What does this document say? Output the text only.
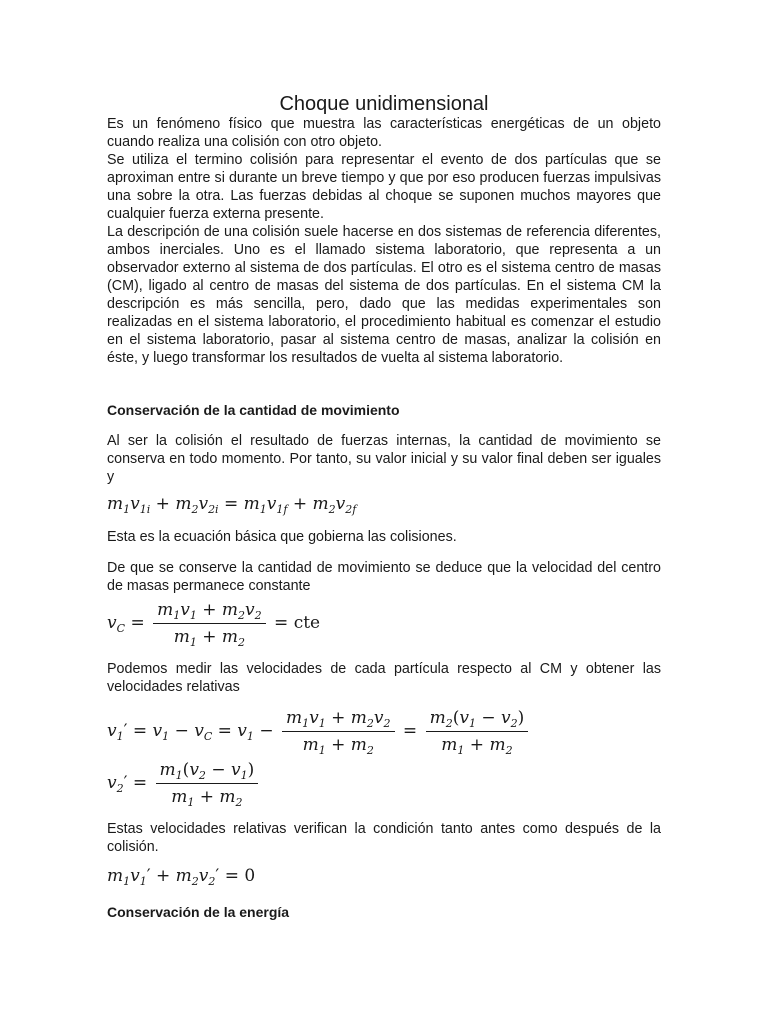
Choque unidimensional
Es un fenómeno físico que muestra las características energéticas de un objeto cuando realiza una colisión con otro objeto.
Se utiliza el termino colisión para representar el evento de dos partículas que se aproximan entre si durante un breve tiempo y que por eso producen fuerzas impulsivas una sobre la otra. Las fuerzas debidas al choque se suponen muchos mayores que cualquier fuerza externa presente.
La descripción de una colisión suele hacerse en dos sistemas de referencia diferentes, ambos inerciales. Uno es el llamado sistema laboratorio, que representa a un observador externo al sistema de dos partículas. El otro es el sistema centro de masas (CM), ligado al centro de masas del sistema de dos partículas. En el sistema CM la descripción es más sencilla, pero, dado que las medidas experimentales son realizadas en el sistema laboratorio, el procedimiento habitual es comenzar el estudio en el sistema laboratorio, pasar al sistema centro de masas, analizar la colisión en éste, y luego transformar los resultados de vuelta al sistema laboratorio.
Conservación de la cantidad de movimiento
Al ser la colisión el resultado de fuerzas internas, la cantidad de movimiento se conserva en todo momento. Por tanto, su valor inicial y su valor final deben ser iguales y
$m_1v_{1i} + m_2v_{2i} = m_1v_{1f} + m_2v_{2f}$
Esta es la ecuación básica que gobierna las colisiones.
De que se conserve la cantidad de movimiento se deduce que la velocidad del centro de masas permanece constante
$v_C = \frac{m_1v_1 + m_2v_2}{m_1 + m_2}$ = cte
Podemos medir las velocidades de cada partícula respecto al CM y obtener las velocidades relativas
$v_1' = v_1 - v_C = v_1 - \frac{m_1v_1 + m_2v_2}{m_1 + m_2} = \frac{m_2(v_1 - v_2)}{m_1 + m_2}$
$v_2' = \frac{m_1(v_2 - v_1)}{m_1 + m_2}$
Estas velocidades relativas verifican la condición tanto antes como después de la colisión.
$m_1v_1' + m_2v_2' = 0$
Conservación de la energía
